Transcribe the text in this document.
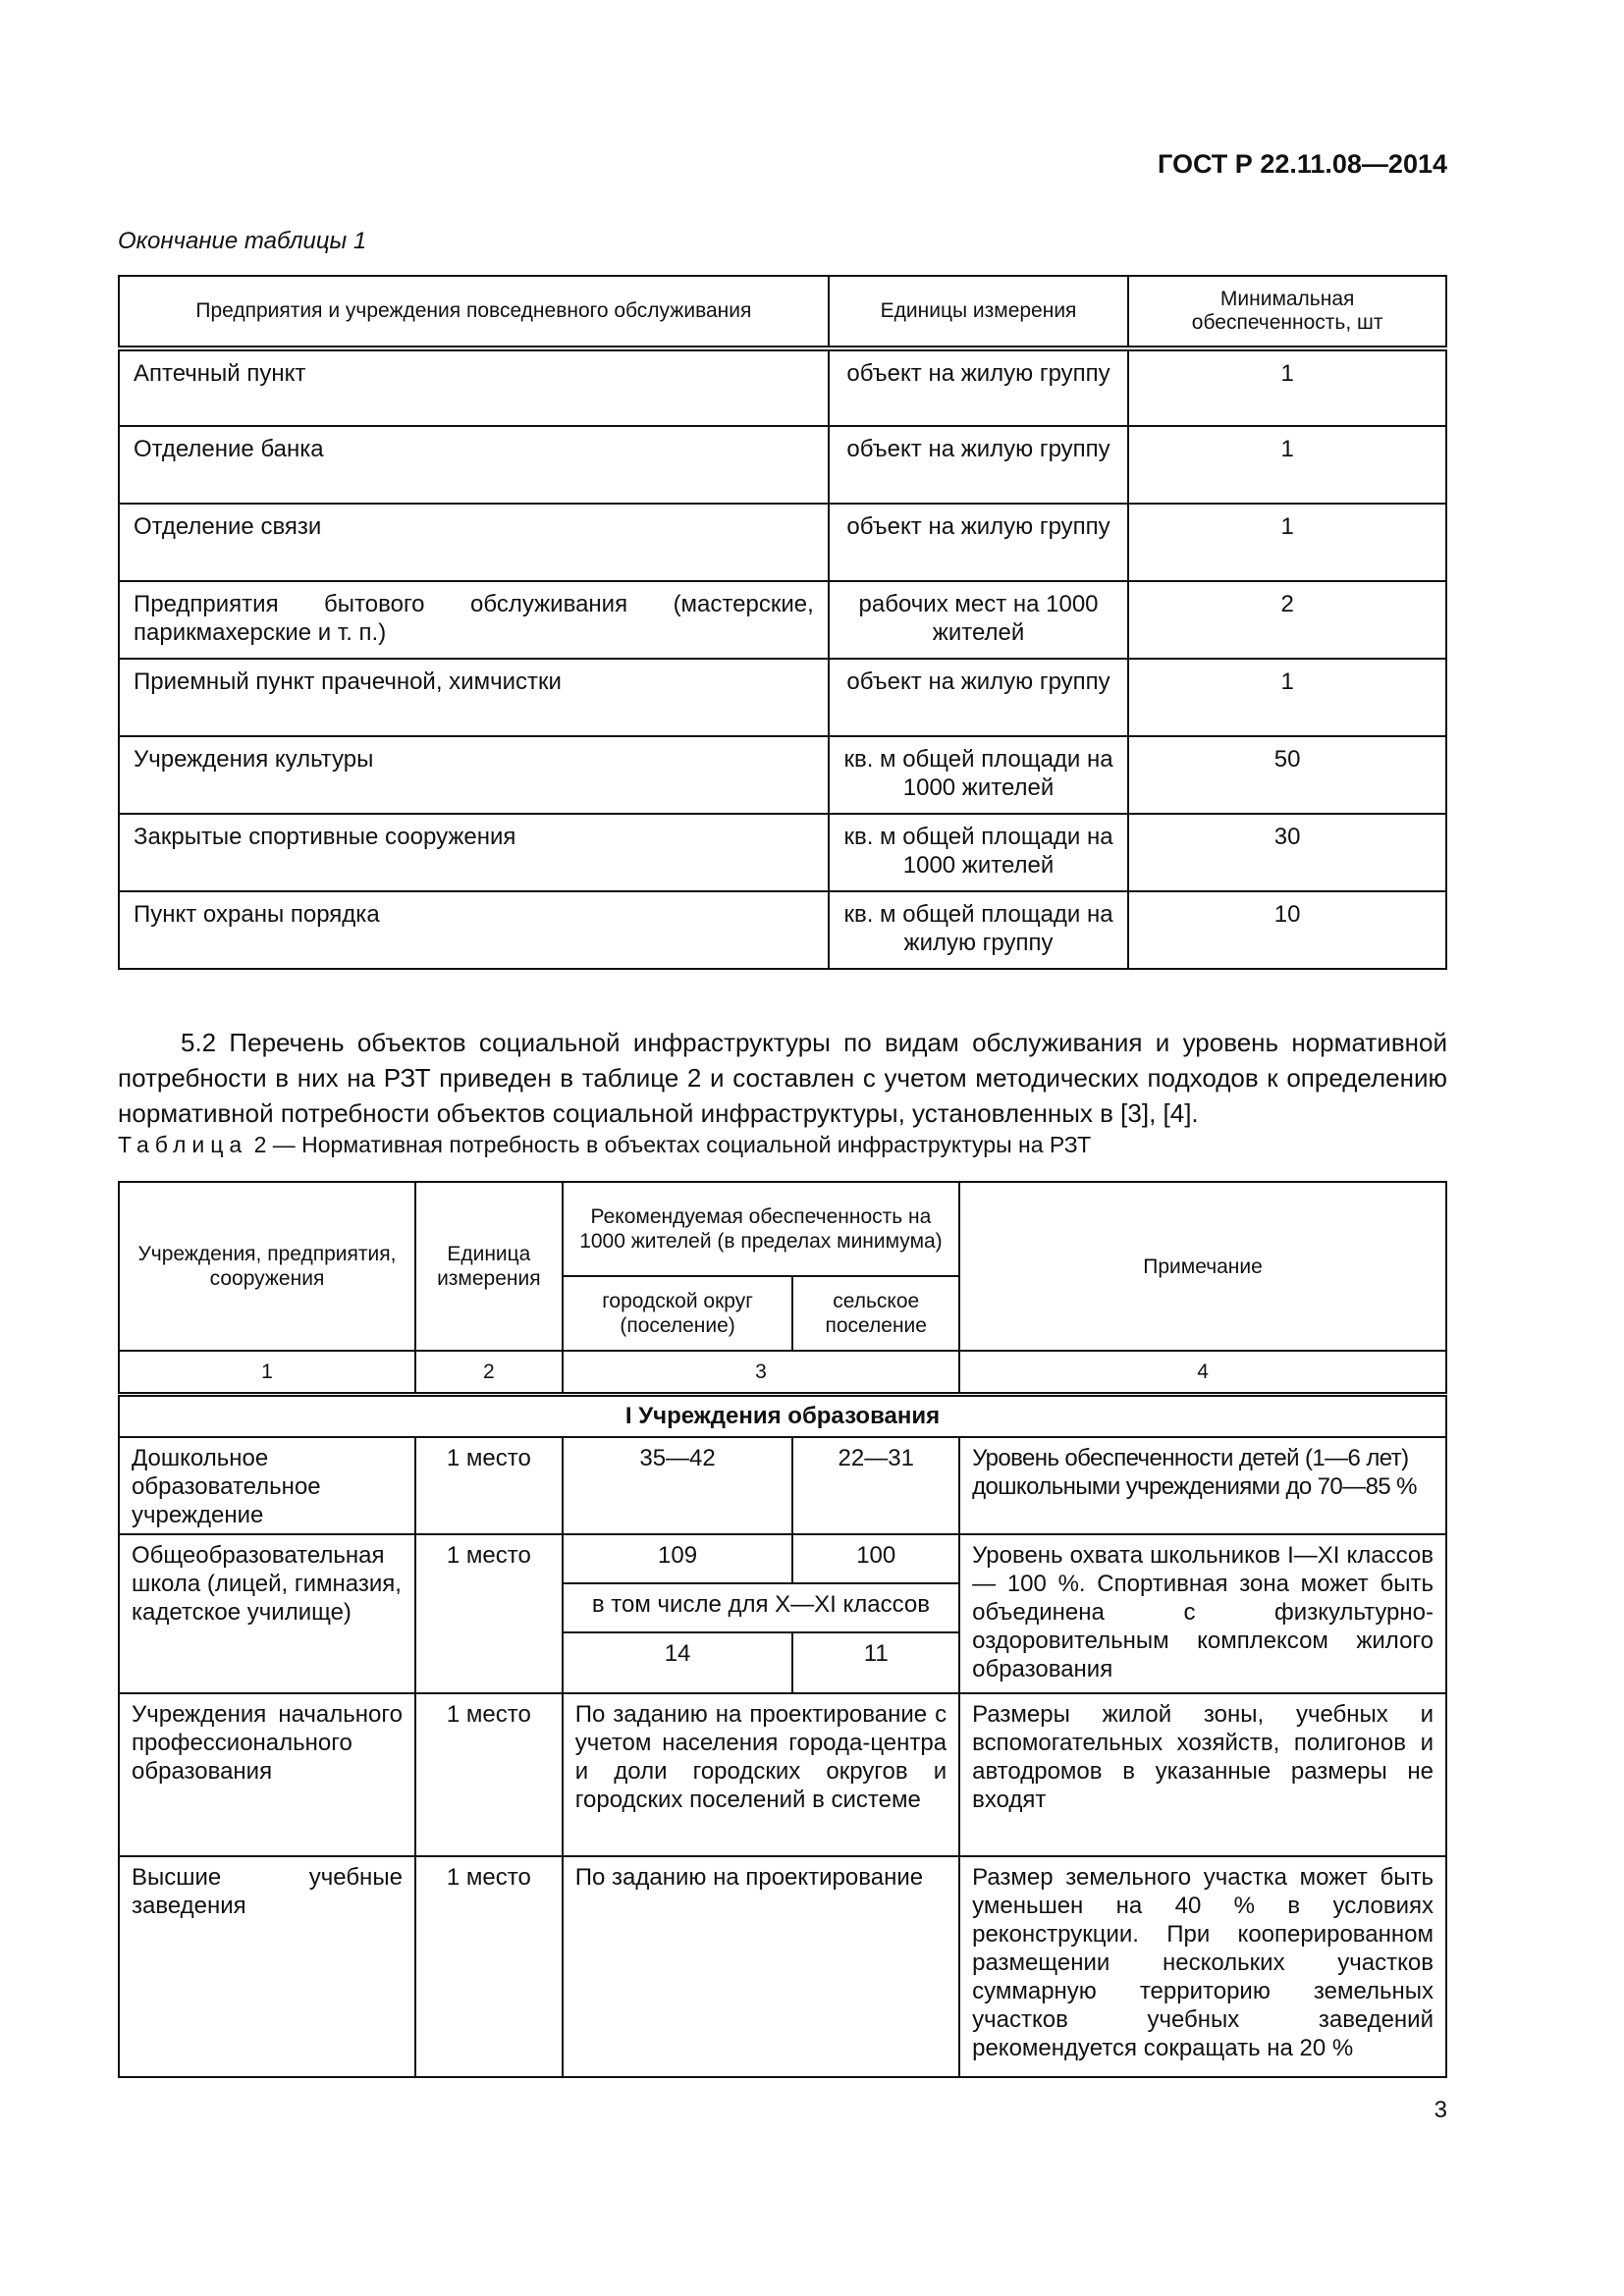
ГОСТ Р 22.11.08—2014
Окончание таблицы 1
Предприятия и учреждения повседневного обслуживания	Единицы измерения	Минимальная обеспеченность, шт
Аптечный пункт	объект на жилую группу	1
Отделение банка	объект на жилую группу	1
Отделение связи	объект на жилую группу	1
Предприятия бытового обслуживания (мастерские, парикмахерские и т. п.)	рабочих мест на 1000 жителей	2
Приемный пункт прачечной, химчистки	объект на жилую группу	1
Учреждения культуры	кв. м общей площади на 1000 жителей	50
Закрытые спортивные сооружения	кв. м общей площади на 1000 жителей	30
Пункт охраны порядка	кв. м общей площади на жилую группу	10

5.2 Перечень объектов социальной инфраструктуры по видам обслуживания и уровень нормативной потребности в них на РЗТ приведен в таблице 2 и составлен с учетом методических подходов к определению нормативной потребности объектов социальной инфраструктуры, установленных в [3], [4].

Таблица 2 — Нормативная потребность в объектах социальной инфраструктуры на РЗТ
Учреждения, предприятия, сооружения	Единица измерения	Рекомендуемая обеспеченность на 1000 жителей (в пределах минимума)		Примечание
		городской округ (поселение)	сельское поселение	
1	2	3		4
I Учреждения образования				
Дошкольное образовательное учреждение	1 место	35—42	22—31	Уровень обеспеченности детей (1—6 лет) дошкольными учреждениями до 70—85 %
Общеобразовательная школа (лицей, гимназия, кадетское училище)	1 место	109	100	Уровень охвата школьников I—XI классов — 100 %. Спортивная зона может быть объединена с физкультурно-оздоровительным комплексом жилого образования
		в том числе для X—XI классов		
		14	11	
Учреждения начального профессионального образования	1 место	По заданию на проектирование с учетом населения города-центра и доли городских округов и городских поселений в системе		Размеры жилой зоны, учебных и вспомогательных хозяйств, полигонов и автодромов в указанные размеры не входят
Высшие учебные заведения	1 место	По заданию на проектирование		Размер земельного участка может быть уменьшен на 40 % в условиях реконструкции. При кооперированном размещении нескольких участков суммарную территорию земельных участков учебных заведений рекомендуется сокращать на 20 %
3
